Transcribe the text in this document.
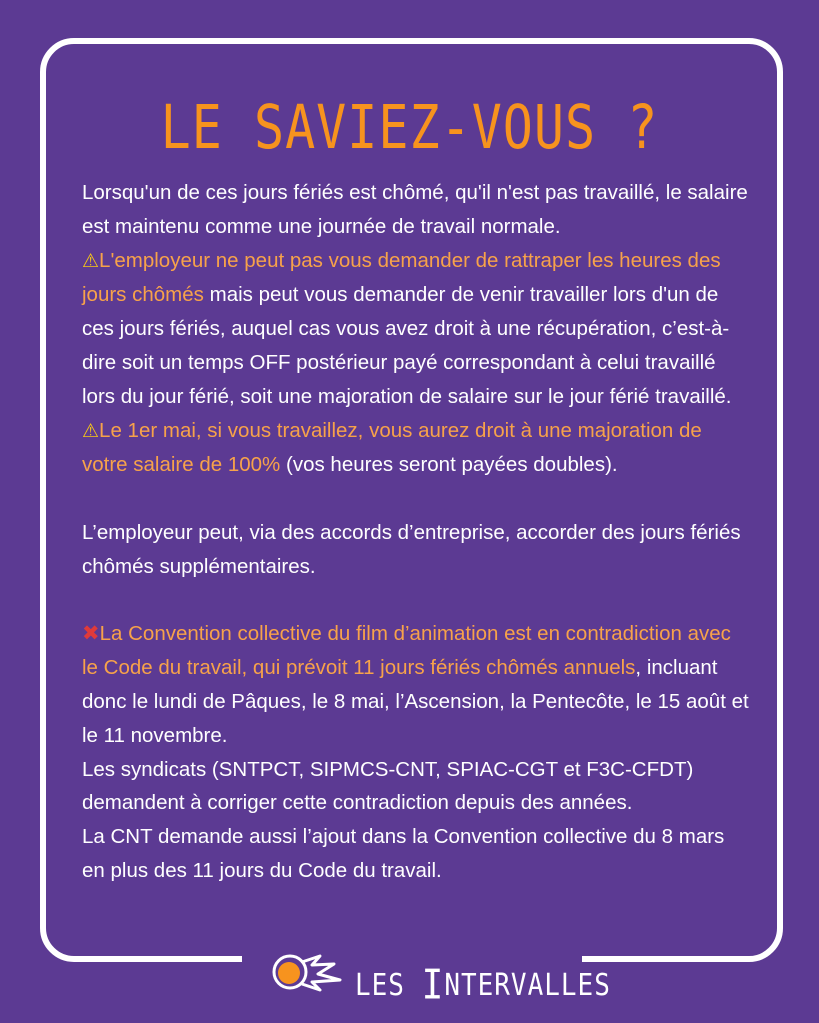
LE SAVIEZ-VOUS ?

Lorsqu'un de ces jours fériés est chômé, qu'il n'est pas travaillé, le salaire est maintenu comme une journée de travail normale.
⚠L'employeur ne peut pas vous demander de rattraper les heures des jours chômés mais peut vous demander de venir travailler lors d'un de ces jours fériés, auquel cas vous avez droit à une récupération, c’est-à-dire soit un temps OFF postérieur payé correspondant à celui travaillé lors du jour férié, soit une majoration de salaire sur le jour férié travaillé.
⚠Le 1er mai, si vous travaillez, vous aurez droit à une majoration de votre salaire de 100% (vos heures seront payées doubles).

L’employeur peut, via des accords d’entreprise, accorder des jours fériés chômés supplémentaires.

✖La Convention collective du film d’animation est en contradiction avec le Code du travail, qui prévoit 11 jours fériés chômés annuels, incluant donc le lundi de Pâques, le 8 mai, l’Ascension, la Pentecôte, le 15 août et le 11 novembre.
Les syndicats (SNTPCT, SIPMCS-CNT, SPIAC-CGT et F3C-CFDT) demandent à corriger cette contradiction depuis des années.
La CNT demande aussi l’ajout dans la Convention collective du 8 mars en plus des 11 jours du Code du travail.

LES INTERVALLES
